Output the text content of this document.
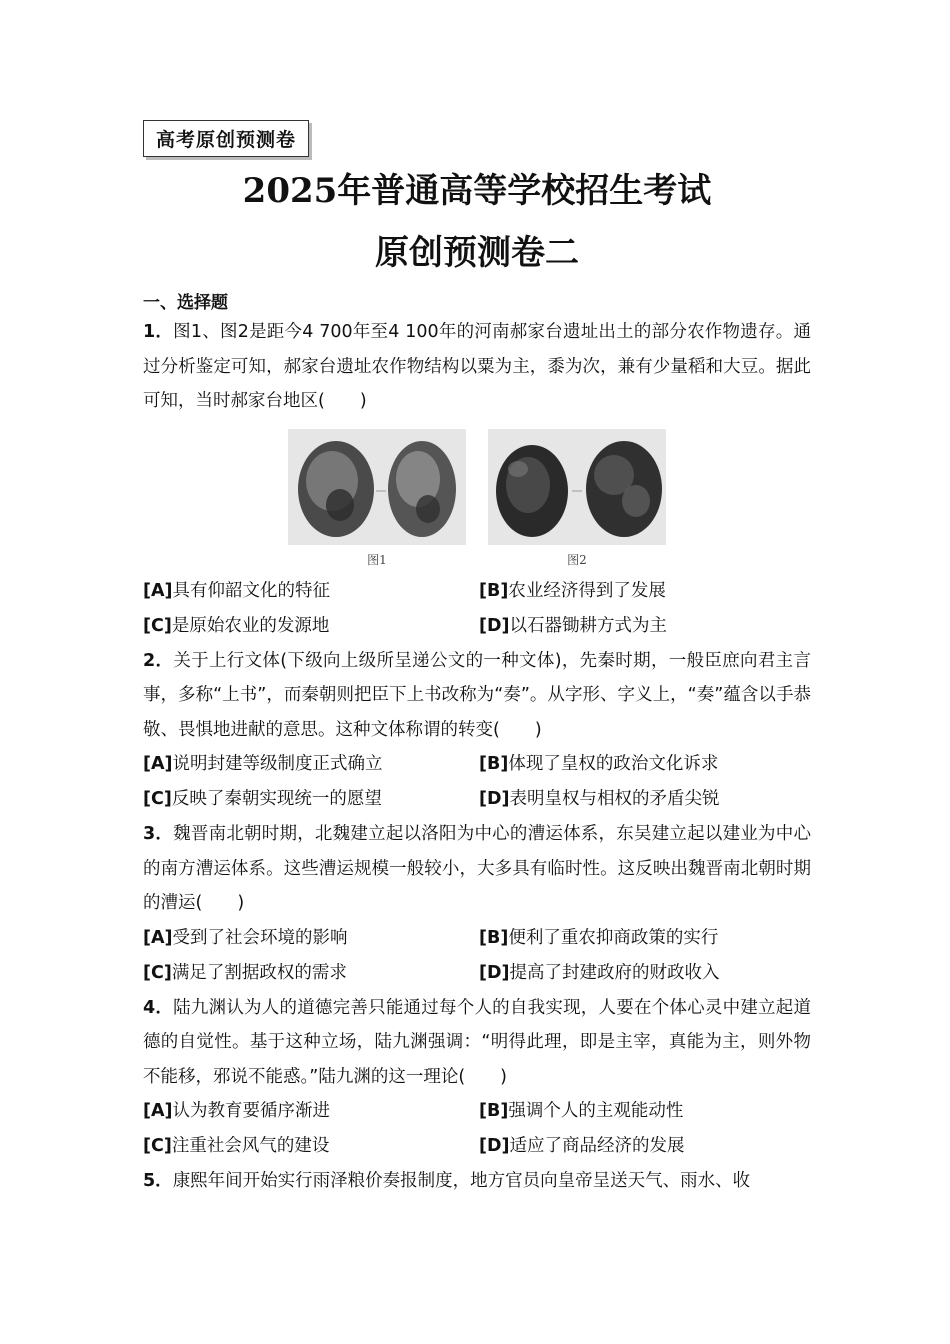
高考原创预测卷
2025年普通高等学校招生考试
原创预测卷二
一、选择题
1．图1、图2是距今4 700年至4 100年的河南郝家台遗址出土的部分农作物遗存。通过分析鉴定可知，郝家台遗址农作物结构以粟为主，黍为次，兼有少量稻和大豆。据此可知，当时郝家台地区(　　)
图1	图2
[A]具有仰韶文化的特征	[B]农业经济得到了发展
[C]是原始农业的发源地	[D]以石器锄耕方式为主
2．关于上行文体(下级向上级所呈递公文的一种文体)，先秦时期，一般臣庶向君主言事，多称“上书”，而秦朝则把臣下上书改称为“奏”。从字形、字义上，“奏”蕴含以手恭敬、畏惧地进献的意思。这种文体称谓的转变(　　)
[A]说明封建等级制度正式确立	[B]体现了皇权的政治文化诉求
[C]反映了秦朝实现统一的愿望	[D]表明皇权与相权的矛盾尖锐
3．魏晋南北朝时期，北魏建立起以洛阳为中心的漕运体系，东吴建立起以建业为中心的南方漕运体系。这些漕运规模一般较小，大多具有临时性。这反映出魏晋南北朝时期的漕运(　　)
[A]受到了社会环境的影响	[B]便利了重农抑商政策的实行
[C]满足了割据政权的需求	[D]提高了封建政府的财政收入
4．陆九渊认为人的道德完善只能通过每个人的自我实现，人要在个体心灵中建立起道德的自觉性。基于这种立场，陆九渊强调：“明得此理，即是主宰，真能为主，则外物不能移，邪说不能惑。”陆九渊的这一理论(　　)
[A]认为教育要循序渐进	[B]强调个人的主观能动性
[C]注重社会风气的建设	[D]适应了商品经济的发展
5．康熙年间开始实行雨泽粮价奏报制度，地方官员向皇帝呈送天气、雨水、收
